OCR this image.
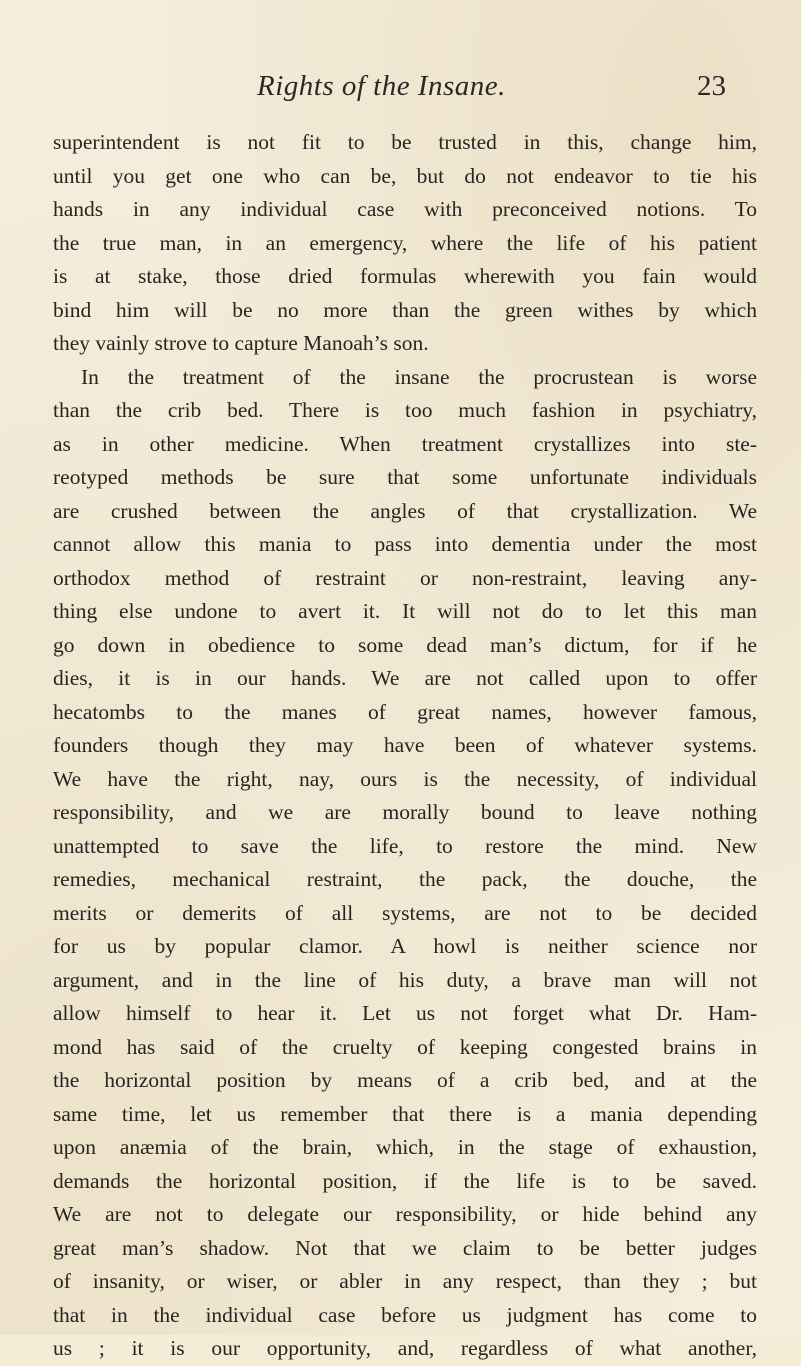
Rights of the Insane.	23
superintendent is not fit to be trusted in this, change him,
until you get one who can be, but do not endeavor to tie his
hands in any individual case with preconceived notions. To
the true man, in an emergency, where the life of his patient
is at stake, those dried formulas wherewith you fain would
bind him will be no more than the green withes by which
they vainly strove to capture Manoah’s son.
In the treatment of the insane the procrustean is worse
than the crib bed. There is too much fashion in psychiatry,
as in other medicine. When treatment crystallizes into ste-
reotyped methods be sure that some unfortunate individuals
are crushed between the angles of that crystallization. We
cannot allow this mania to pass into dementia under the most
orthodox method of restraint or non-restraint, leaving any-
thing else undone to avert it. It will not do to let this man
go down in obedience to some dead man’s dictum, for if he
dies, it is in our hands. We are not called upon to offer
hecatombs to the manes of great names, however famous,
founders though they may have been of whatever systems.
We have the right, nay, ours is the necessity, of individual
responsibility, and we are morally bound to leave nothing
unattempted to save the life, to restore the mind. New
remedies, mechanical restraint, the pack, the douche, the
merits or demerits of all systems, are not to be decided
for us by popular clamor. A howl is neither science nor
argument, and in the line of his duty, a brave man will not
allow himself to hear it. Let us not forget what Dr. Ham-
mond has said of the cruelty of keeping congested brains in
the horizontal position by means of a crib bed, and at the
same time, let us remember that there is a mania depending
upon anæmia of the brain, which, in the stage of exhaustion,
demands the horizontal position, if the life is to be saved.
We are not to delegate our responsibility, or hide behind any
great man’s shadow. Not that we claim to be better judges
of insanity, or wiser, or abler in any respect, than they ; but
that in the individual case before us judgment has come to
us ; it is our opportunity, and, regardless of what another,
